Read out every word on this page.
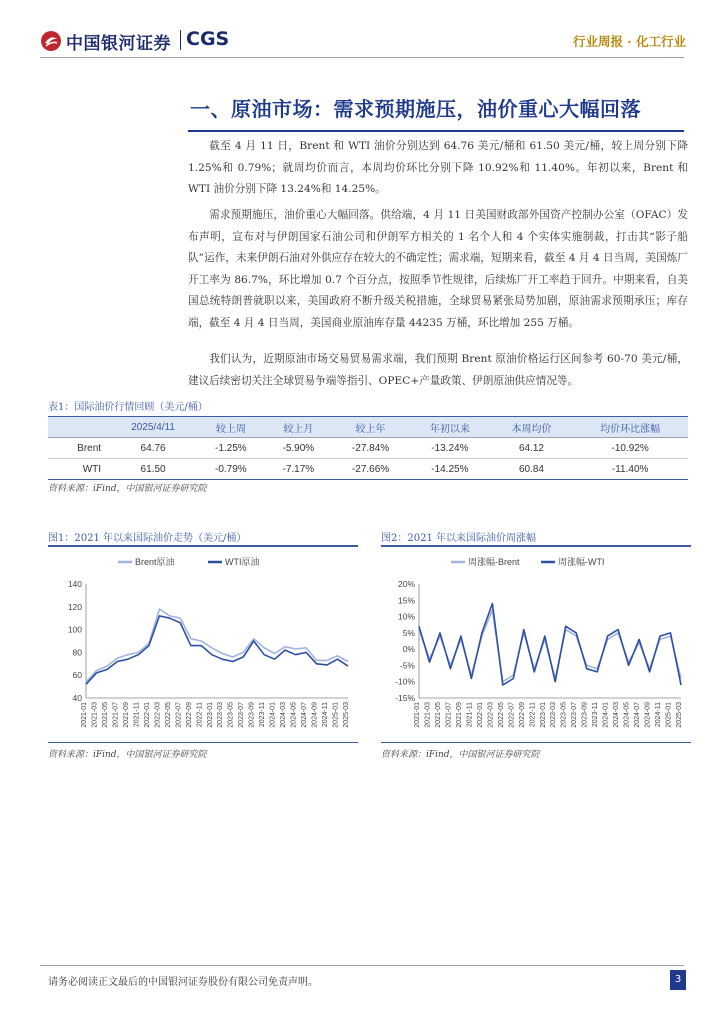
中国银河证券 CGS	行业周报 · 化工行业
一、原油市场：需求预期施压，油价重心大幅回落
截至 4 月 11 日，Brent 和 WTI 油价分别达到 64.76 美元/桶和 61.50 美元/桶，较上周分别下降 1.25%和 0.79%；就周均价而言，本周均价环比分别下降 10.92%和 11.40%。年初以来，Brent 和 WTI 油价分别下降 13.24%和 14.25%。
需求预期施压，油价重心大幅回落。供给端，4 月 11 日美国财政部外国资产控制办公室（OFAC）发布声明，宣布对与伊朗国家石油公司和伊朗军方相关的 1 名个人和 4 个实体实施制裁，打击其“影子船队”运作，未来伊朗石油对外供应存在较大的不确定性；需求端，短期来看，截至 4 月 4 日当周，美国炼厂开工率为 86.7%，环比增加 0.7 个百分点，按照季节性规律，后续炼厂开工率趋于回升。中期来看，自美国总统特朗普就职以来，美国政府不断升级关税措施，全球贸易紧张局势加剧，原油需求预期承压；库存端，截至 4 月 4 日当周，美国商业原油库存量 44235 万桶，环比增加 255 万桶。
我们认为，近期原油市场交易贸易需求端，我们预期 Brent 原油价格运行区间参考 60-70 美元/桶，建议后续密切关注全球贸易争端等指引、OPEC+产量政策、伊朗原油供应情况等。
表1：国际油价行情回顾（美元/桶）
	2025/4/11	较上周	较上月	较上年	年初以来	本周均价	均价环比涨幅
Brent	64.76	-1.25%	-5.90%	-27.84%	-13.24%	64.12	-10.92%
WTI	61.50	-0.79%	-7.17%	-27.66%	-14.25%	60.84	-11.40%
资料来源：iFind，中国银河证券研究院
图1：2021 年以来国际油价走势（美元/桶）
Brent原油	WTI原油
140
120
100
80
60
40
2021-01 2021-03 2021-05 2021-07 2021-09 2021-11 2022-01 2022-03 2022-05 2022-07 2022-09 2022-11 2023-01 2023-03 2023-05 2023-07 2023-09 2023-11 2024-01 2024-03 2024-05 2024-07 2024-09 2024-11 2025-01 2025-03
资料来源：iFind，中国银河证券研究院
图2：2021 年以来国际油价周涨幅
周涨幅-Brent	周涨幅-WTI
20%
15%
10%
5%
0%
-5%
-10%
-15%
2021-01 2021-03 2021-05 2021-07 2021-09 2021-11 2022-01 2022-03 2022-05 2022-07 2022-09 2022-11 2023-01 2023-03 2023-05 2023-07 2023-09 2023-11 2024-01 2024-03 2024-05 2024-07 2024-09 2024-11 2025-01 2025-03
资料来源：iFind，中国银河证券研究院
请务必阅读正文最后的中国银河证券股份有限公司免责声明。	3
